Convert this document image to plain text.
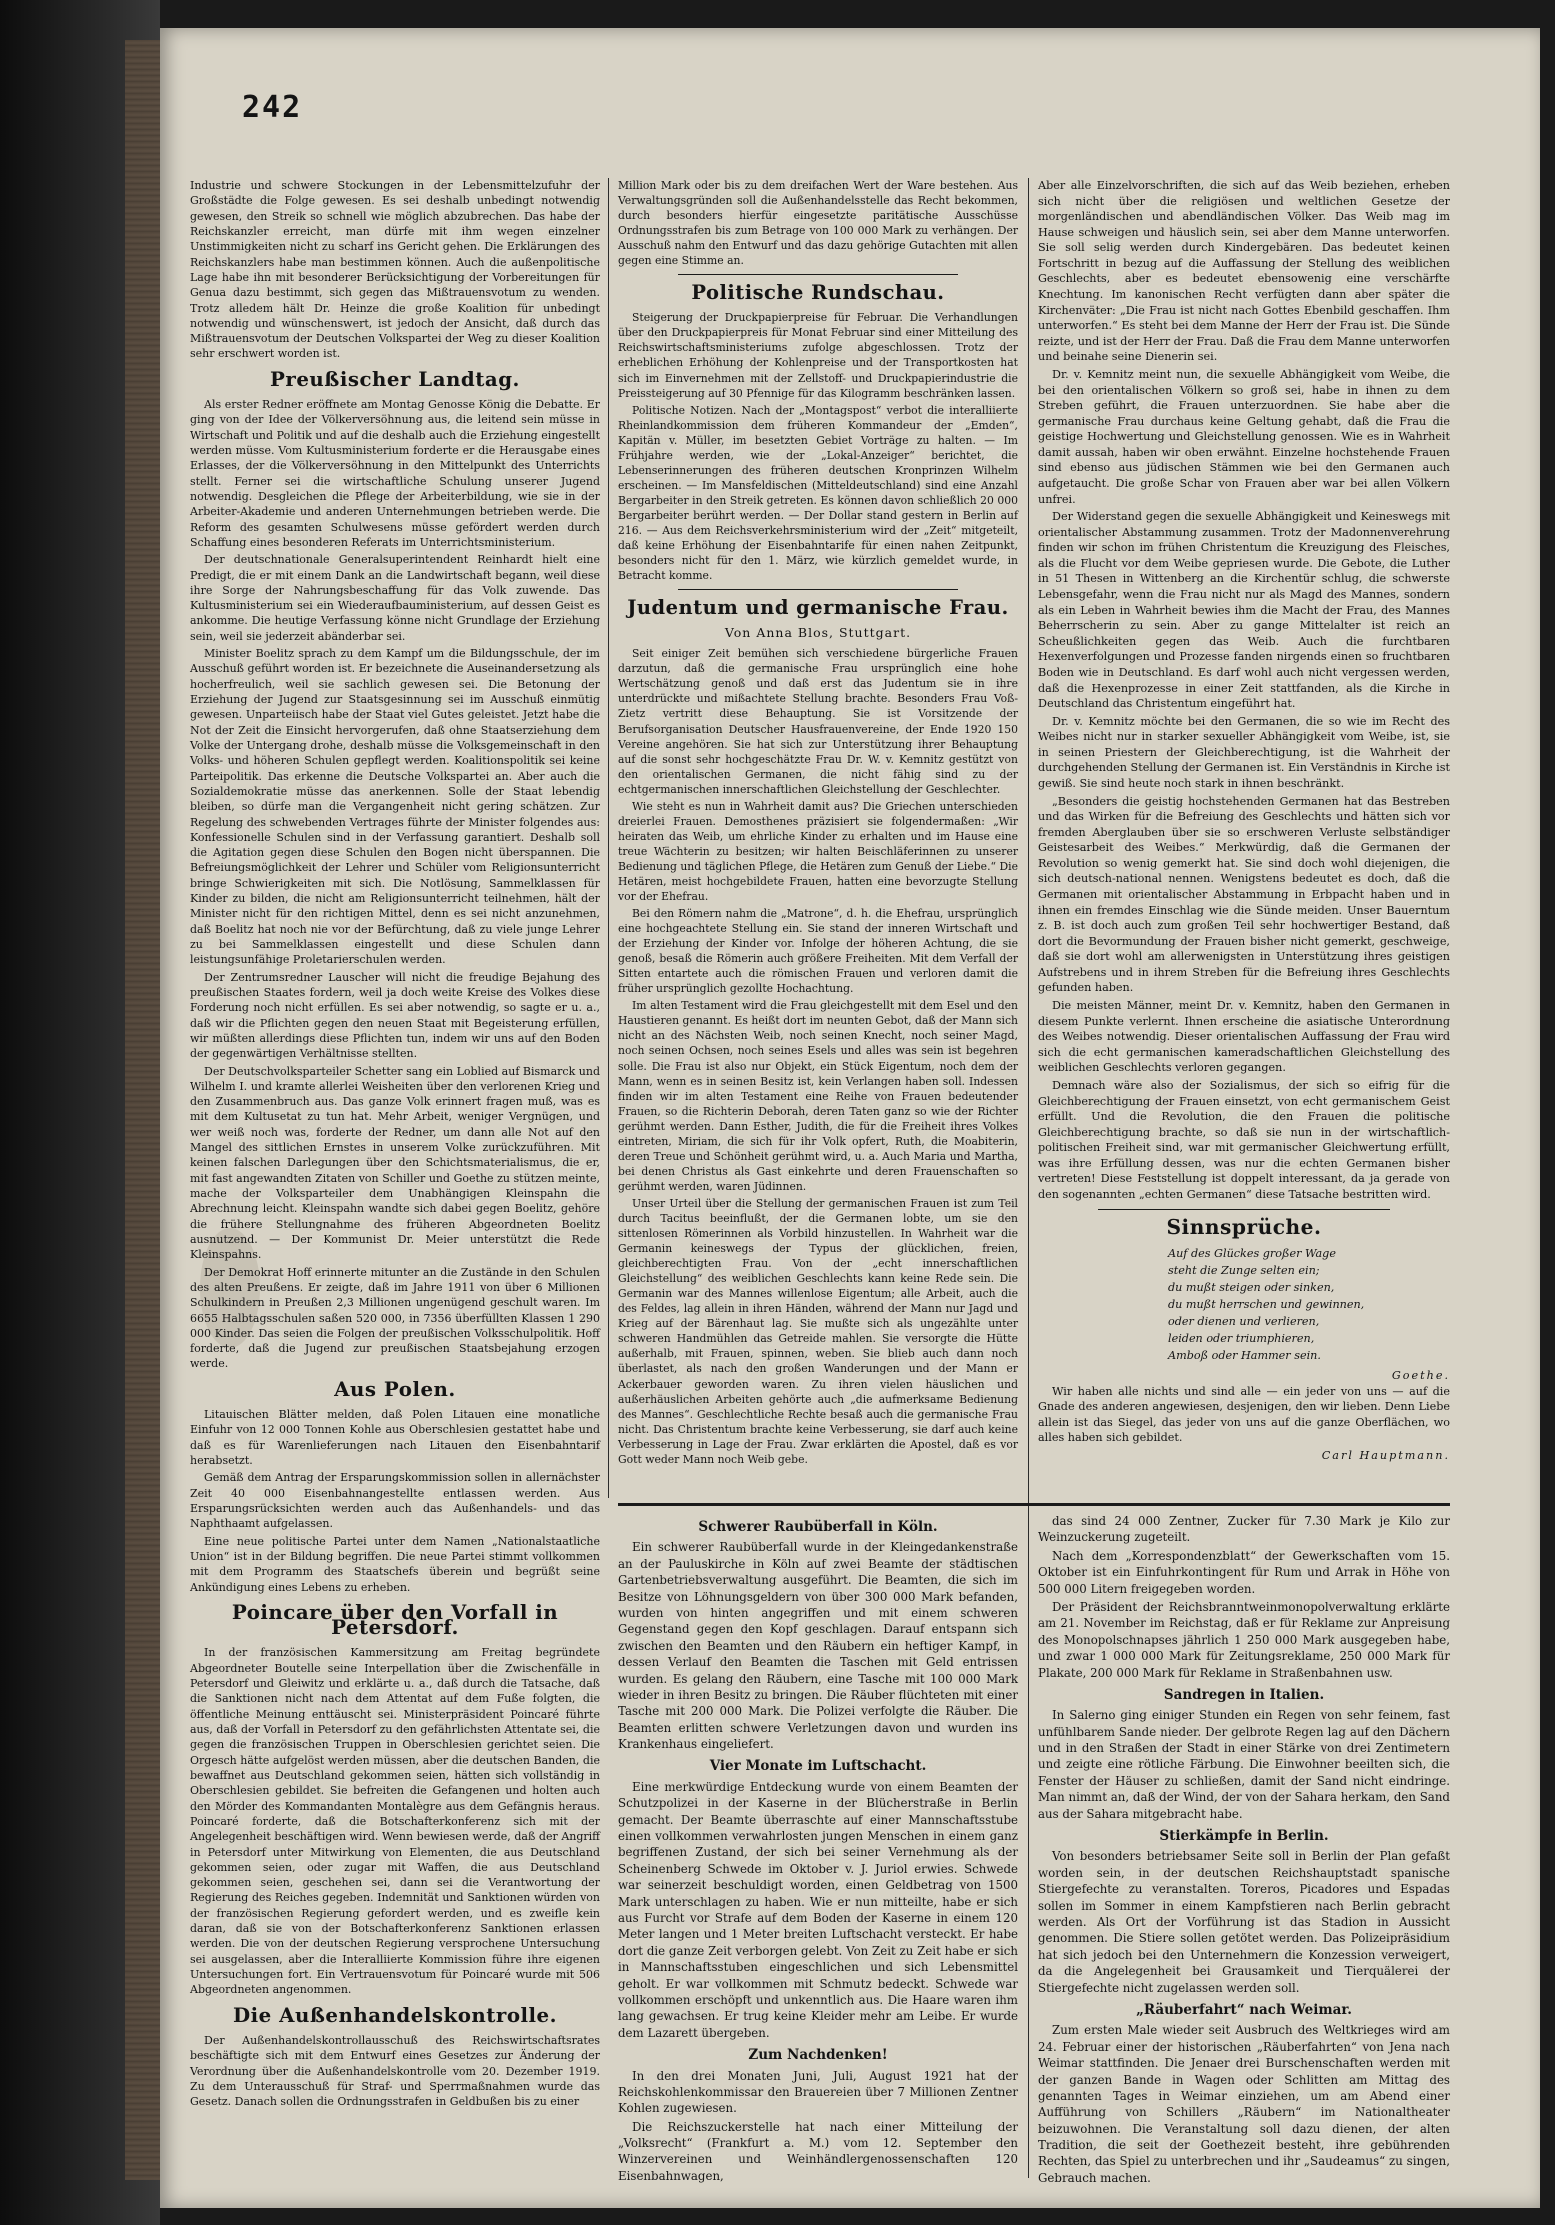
242

Industrie und schwere Stockungen in der Lebensmittelzufuhr der Großstädte die Folge gewesen. Es sei deshalb unbedingt notwendig gewesen, den Streik so schnell wie möglich abzubrechen. Das habe der Reichskanzler erreicht, man dürfe mit ihm wegen einzelner Unstimmigkeiten nicht zu scharf ins Gericht gehen. Die Erklärungen des Reichskanzlers habe man bestimmen können. Auch die außenpolitische Lage habe ihn mit besonderer Berücksichtigung der Vorbereitungen für Genua dazu bestimmt, sich gegen das Mißtrauensvotum zu wenden. Trotz alledem hält Dr. Heinze die große Koalition für unbedingt notwendig und wünschenswert, ist jedoch der Ansicht, daß durch das Mißtrauensvotum der Deutschen Volkspartei der Weg zu dieser Koalition sehr erschwert worden ist.

Preußischer Landtag.

Als erster Redner eröffnete am Montag Genosse König die Debatte. Er ging von der Idee der Völkerversöhnung aus, die leitend sein müsse in Wirtschaft und Politik und auf die deshalb auch die Erziehung eingestellt werden müsse. Vom Kultusministerium forderte er die Herausgabe eines Erlasses, der die Völkerversöhnung in den Mittelpunkt des Unterrichts stellt. Ferner sei die wirtschaftliche Schulung unserer Jugend notwendig. Desgleichen die Pflege der Arbeiterbildung, wie sie in der Arbeiter-Akademie und anderen Unternehmungen betrieben werde. Die Reform des gesamten Schulwesens müsse gefördert werden durch Schaffung eines besonderen Referats im Unterrichtsministerium.

Der deutschnationale Generalsuperintendent Reinhardt hielt eine Predigt, die er mit einem Dank an die Landwirtschaft begann, weil diese ihre Sorge der Nahrungsbeschaffung für das Volk zuwende. Das Kultusministerium sei ein Wiederaufbauministerium, auf dessen Geist es ankomme. Die heutige Verfassung könne nicht Grundlage der Erziehung sein, weil sie jederzeit abänderbar sei.

Minister Boelitz sprach zu dem Kampf um die Bildungsschule, der im Ausschuß geführt worden ist. Er bezeichnete die Auseinandersetzung als hocherfreulich, weil sie sachlich gewesen sei. Die Betonung der Erziehung der Jugend zur Staatsgesinnung sei im Ausschuß einmütig gewesen. Unparteiisch habe der Staat viel Gutes geleistet. Jetzt habe die Not der Zeit die Einsicht hervorgerufen, daß ohne Staatserziehung dem Volke der Untergang drohe, deshalb müsse die Volksgemeinschaft in den Volks- und höheren Schulen gepflegt werden. Koalitionspolitik sei keine Parteipolitik. Das erkenne die Deutsche Volkspartei an. Aber auch die Sozialdemokratie müsse das anerkennen. Solle der Staat lebendig bleiben, so dürfe man die Vergangenheit nicht gering schätzen. Zur Regelung des schwebenden Vertrages führte der Minister folgendes aus: Konfessionelle Schulen sind in der Verfassung garantiert. Deshalb soll die Agitation gegen diese Schulen den Bogen nicht überspannen. Die Befreiungsmöglichkeit der Lehrer und Schüler vom Religionsunterricht bringe Schwierigkeiten mit sich. Die Notlösung, Sammelklassen für Kinder zu bilden, die nicht am Religionsunterricht teilnehmen, hält der Minister nicht für den richtigen Mittel, denn es sei nicht anzunehmen, daß Boelitz hat noch nie vor der Befürchtung, daß zu viele junge Lehrer zu bei Sammelklassen eingestellt und diese Schulen dann leistungsunfähige Proletarierschulen werden.

Der Zentrumsredner Lauscher will nicht die freudige Bejahung des preußischen Staates fordern, weil ja doch weite Kreise des Volkes diese Forderung noch nicht erfüllen. Es sei aber notwendig, so sagte er u. a., daß wir die Pflichten gegen den neuen Staat mit Begeisterung erfüllen, wir müßten allerdings diese Pflichten tun, indem wir uns auf den Boden der gegenwärtigen Verhältnisse stellten.

Der Deutschvolksparteiler Schetter sang ein Loblied auf Bismarck und Wilhelm I. und kramte allerlei Weisheiten über den verlorenen Krieg und den Zusammenbruch aus. Das ganze Volk erinnert fragen muß, was es mit dem Kultusetat zu tun hat. Mehr Arbeit, weniger Vergnügen, und wer weiß noch was, forderte der Redner, um dann alle Not auf den Mangel des sittlichen Ernstes in unserem Volke zurückzuführen. Mit keinen falschen Darlegungen über den Schichtsmaterialismus, die er, mit fast angewandten Zitaten von Schiller und Goethe zu stützen meinte, mache der Volksparteiler dem Unabhängigen Kleinspahn die Abrechnung leicht. Kleinspahn wandte sich dabei gegen Boelitz, gehöre die frühere Stellungnahme des früheren Abgeordneten Boelitz ausnutzend. — Der Kommunist Dr. Meier unterstützt die Rede Kleinspahns.

Der Demokrat Hoff erinnerte mitunter an die Zustände in den Schulen des alten Preußens. Er zeigte, daß im Jahre 1911 von über 6 Millionen Schulkindern in Preußen 2,3 Millionen ungenügend geschult waren. Im 6655 Halbtagsschulen saßen 520 000, in 7356 überfüllten Klassen 1 290 000 Kinder. Das seien die Folgen der preußischen Volksschulpolitik. Hoff forderte, daß die Jugend zur preußischen Staatsbejahung erzogen werde.

Aus Polen.

Litauischen Blätter melden, daß Polen Litauen eine monatliche Einfuhr von 12 000 Tonnen Kohle aus Oberschlesien gestattet habe und daß es für Warenlieferungen nach Litauen den Eisenbahntarif herabsetzt.

Gemäß dem Antrag der Ersparungskommission sollen in allernächster Zeit 40 000 Eisenbahnangestellte entlassen werden. Aus Ersparungsrücksichten werden auch das Außenhandels- und das Naphthaamt aufgelassen.

Eine neue politische Partei unter dem Namen „Nationalstaatliche Union“ ist in der Bildung begriffen. Die neue Partei stimmt vollkommen mit dem Programm des Staatschefs überein und begrüßt seine Ankündigung eines Lebens zu erheben.

Poincare über den Vorfall in Petersdorf.

In der französischen Kammersitzung am Freitag begründete Abgeordneter Boutelle seine Interpellation über die Zwischenfälle in Petersdorf und Gleiwitz und erklärte u. a., daß durch die Tatsache, daß die Sanktionen nicht nach dem Attentat auf dem Fuße folgten, die öffentliche Meinung enttäuscht sei. Ministerpräsident Poincaré führte aus, daß der Vorfall in Petersdorf zu den gefährlichsten Attentate sei, die gegen die französischen Truppen in Oberschlesien gerichtet seien. Die Orgesch hätte aufgelöst werden müssen, aber die deutschen Banden, die bewaffnet aus Deutschland gekommen seien, hätten sich vollständig in Oberschlesien gebildet. Sie befreiten die Gefangenen und holten auch den Mörder des Kommandanten Montalègre aus dem Gefängnis heraus. Poincaré forderte, daß die Botschafterkonferenz sich mit der Angelegenheit beschäftigen wird. Wenn bewiesen werde, daß der Angriff in Petersdorf unter Mitwirkung von Elementen, die aus Deutschland gekommen seien, oder zugar mit Waffen, die aus Deutschland gekommen seien, geschehen sei, dann sei die Verantwortung der Regierung des Reiches gegeben. Indemnität und Sanktionen würden von der französischen Regierung gefordert werden, und es zweifle kein daran, daß sie von der Botschafterkonferenz Sanktionen erlassen werden. Die von der deutschen Regierung versprochene Untersuchung sei ausgelassen, aber die Interalliierte Kommission führe ihre eigenen Untersuchungen fort. Ein Vertrauensvotum für Poincaré wurde mit 506 Abgeordneten angenommen.

Die Außenhandelskontrolle.

Der Außenhandelskontrollausschuß des Reichswirtschaftsrates beschäftigte sich mit dem Entwurf eines Gesetzes zur Änderung der Verordnung über die Außenhandelskontrolle vom 20. Dezember 1919. Zu dem Unterausschuß für Straf- und Sperrmaßnahmen wurde das Gesetz. Danach sollen die Ordnungsstrafen in Geldbußen bis zu einer

Million Mark oder bis zu dem dreifachen Wert der Ware bestehen. Aus Verwaltungsgründen soll die Außenhandelsstelle das Recht bekommen, durch besonders hierfür eingesetzte paritätische Ausschüsse Ordnungsstrafen bis zum Betrage von 100 000 Mark zu verhängen. Der Ausschuß nahm den Entwurf und das dazu gehörige Gutachten mit allen gegen eine Stimme an.

Politische Rundschau.

Steigerung der Druckpapierpreise für Februar. Die Verhandlungen über den Druckpapierpreis für Monat Februar sind einer Mitteilung des Reichswirtschaftsministeriums zufolge abgeschlossen. Trotz der erheblichen Erhöhung der Kohlenpreise und der Transportkosten hat sich im Einvernehmen mit der Zellstoff- und Druckpapierindustrie die Preissteigerung auf 30 Pfennige für das Kilogramm beschränken lassen.

Politische Notizen. Nach der „Montagspost“ verbot die interalliierte Rheinlandkommission dem früheren Kommandeur der „Emden“, Kapitän v. Müller, im besetzten Gebiet Vorträge zu halten. — Im Frühjahre werden, wie der „Lokal-Anzeiger“ berichtet, die Lebenserinnerungen des früheren deutschen Kronprinzen Wilhelm erscheinen. — Im Mansfeldischen (Mitteldeutschland) sind eine Anzahl Bergarbeiter in den Streik getreten. Es können davon schließlich 20 000 Bergarbeiter berührt werden. — Der Dollar stand gestern in Berlin auf 216. — Aus dem Reichsverkehrsministerium wird der „Zeit“ mitgeteilt, daß keine Erhöhung der Eisenbahntarife für einen nahen Zeitpunkt, besonders nicht für den 1. März, wie kürzlich gemeldet wurde, in Betracht komme.

Judentum und germanische Frau.
Von Anna Blos, Stuttgart.

Seit einiger Zeit bemühen sich verschiedene bürgerliche Frauen darzutun, daß die germanische Frau ursprünglich eine hohe Wertschätzung genoß und daß erst das Judentum sie in ihre unterdrückte und mißachtete Stellung brachte. Besonders Frau Voß-Zietz vertritt diese Behauptung. Sie ist Vorsitzende der Berufsorganisation Deutscher Hausfrauenvereine, der Ende 1920 150 Vereine angehören. Sie hat sich zur Unterstützung ihrer Behauptung auf die sonst sehr hochgeschätzte Frau Dr. W. v. Kemnitz gestützt von den orientalischen Germanen, die nicht fähig sind zu der echtgermanischen innerschaftlichen Gleichstellung der Geschlechter.

Wie steht es nun in Wahrheit damit aus? Die Griechen unterschieden dreierlei Frauen. Demosthenes präzisiert sie folgendermaßen: „Wir heiraten das Weib, um ehrliche Kinder zu erhalten und im Hause eine treue Wächterin zu besitzen; wir halten Beischläferinnen zu unserer Bedienung und täglichen Pflege, die Hetären zum Genuß der Liebe.“ Die Hetären, meist hochgebildete Frauen, hatten eine bevorzugte Stellung vor der Ehefrau.

Bei den Römern nahm die „Matrone“, d. h. die Ehefrau, ursprünglich eine hochgeachtete Stellung ein. Sie stand der inneren Wirtschaft und der Erziehung der Kinder vor. Infolge der höheren Achtung, die sie genoß, besaß die Römerin auch größere Freiheiten. Mit dem Verfall der Sitten entartete auch die römischen Frauen und verloren damit die früher ursprünglich gezollte Hochachtung.

Im alten Testament wird die Frau gleichgestellt mit dem Esel und den Haustieren genannt. Es heißt dort im neunten Gebot, daß der Mann sich nicht an des Nächsten Weib, noch seinen Knecht, noch seiner Magd, noch seinen Ochsen, noch seines Esels und alles was sein ist begehren solle. Die Frau ist also nur Objekt, ein Stück Eigentum, noch dem der Mann, wenn es in seinen Besitz ist, kein Verlangen haben soll. Indessen finden wir im alten Testament eine Reihe von Frauen bedeutender Frauen, so die Richterin Deborah, deren Taten ganz so wie der Richter gerühmt werden. Dann Esther, Judith, die für die Freiheit ihres Volkes eintreten, Miriam, die sich für ihr Volk opfert, Ruth, die Moabiterin, deren Treue und Schönheit gerühmt wird, u. a. Auch Maria und Martha, bei denen Christus als Gast einkehrte und deren Frauenschaften so gerühmt werden, waren Jüdinnen.

Unser Urteil über die Stellung der germanischen Frauen ist zum Teil durch Tacitus beeinflußt, der die Germanen lobte, um sie den sittenlosen Römerinnen als Vorbild hinzustellen. In Wahrheit war die Germanin keineswegs der Typus der glücklichen, freien, gleichberechtigten Frau. Von der „echt innerschaftlichen Gleichstellung“ des weiblichen Geschlechts kann keine Rede sein. Die Germanin war des Mannes willenlose Eigentum; alle Arbeit, auch die des Feldes, lag allein in ihren Händen, während der Mann nur Jagd und Krieg auf der Bärenhaut lag. Sie mußte sich als ungezählte unter schweren Handmühlen das Getreide mahlen. Sie versorgte die Hütte außerhalb, mit Frauen, spinnen, weben. Sie blieb auch dann noch überlastet, als nach den großen Wanderungen und der Mann er Ackerbauer geworden waren. Zu ihren vielen häuslichen und außerhäuslichen Arbeiten gehörte auch „die aufmerksame Bedienung des Mannes“. Geschlechtliche Rechte besaß auch die germanische Frau nicht. Das Christentum brachte keine Verbesserung, sie darf auch keine Verbesserung in Lage der Frau. Zwar erklärten die Apostel, daß es vor Gott weder Mann noch Weib gebe.

Aber alle Einzelvorschriften, die sich auf das Weib beziehen, erheben sich nicht über die religiösen und weltlichen Gesetze der morgenländischen und abendländischen Völker. Das Weib mag im Hause schweigen und häuslich sein, sei aber dem Manne unterworfen. Sie soll selig werden durch Kindergebären. Das bedeutet keinen Fortschritt in bezug auf die Auffassung der Stellung des weiblichen Geschlechts, aber es bedeutet ebensowenig eine verschärfte Knechtung. Im kanonischen Recht verfügten dann aber später die Kirchenväter: „Die Frau ist nicht nach Gottes Ebenbild geschaffen. Ihm unterworfen.“ Es steht bei dem Manne der Herr der Frau ist. Die Sünde reizte, und ist der Herr der Frau. Daß die Frau dem Manne unterworfen und beinahe seine Dienerin sei.

Dr. v. Kemnitz meint nun, die sexuelle Abhängigkeit vom Weibe, die bei den orientalischen Völkern so groß sei, habe in ihnen zu dem Streben geführt, die Frauen unterzuordnen. Sie habe aber die germanische Frau durchaus keine Geltung gehabt, daß die Frau die geistige Hochwertung und Gleichstellung genossen. Wie es in Wahrheit damit aussah, haben wir oben erwähnt. Einzelne hochstehende Frauen sind ebenso aus jüdischen Stämmen wie bei den Germanen auch aufgetaucht. Die große Schar von Frauen aber war bei allen Völkern unfrei.

Der Widerstand gegen die sexuelle Abhängigkeit und Keineswegs mit orientalischer Abstammung zusammen. Trotz der Madonnenverehrung finden wir schon im frühen Christentum die Kreuzigung des Fleisches, als die Flucht vor dem Weibe gepriesen wurde. Die Gebote, die Luther in 51 Thesen in Wittenberg an die Kirchentür schlug, die schwerste Lebensgefahr, wenn die Frau nicht nur als Magd des Mannes, sondern als ein Leben in Wahrheit bewies ihm die Macht der Frau, des Mannes Beherrscherin zu sein. Aber zu gange Mittelalter ist reich an Scheußlichkeiten gegen das Weib. Auch die furchtbaren Hexenverfolgungen und Prozesse fanden nirgends einen so fruchtbaren Boden wie in Deutschland. Es darf wohl auch nicht vergessen werden, daß die Hexenprozesse in einer Zeit stattfanden, als die Kirche in Deutschland das Christentum eingeführt hat.

Dr. v. Kemnitz möchte bei den Germanen, die so wie im Recht des Weibes nicht nur in starker sexueller Abhängigkeit vom Weibe, ist, sie in seinen Priestern der Gleichberechtigung, ist die Wahrheit der durchgehenden Stellung der Germanen ist. Ein Verständnis in Kirche ist gewiß. Sie sind heute noch stark in ihnen beschränkt.

„Besonders die geistig hochstehenden Germanen hat das Bestreben und das Wirken für die Befreiung des Geschlechts und hätten sich vor fremden Aberglauben über sie so erschweren Verluste selbständiger Geistesarbeit des Weibes.“ Merkwürdig, daß die Germanen der Revolution so wenig gemerkt hat. Sie sind doch wohl diejenigen, die sich deutsch-national nennen. Wenigstens bedeutet es doch, daß die Germanen mit orientalischer Abstammung in Erbpacht haben und in ihnen ein fremdes Einschlag wie die Sünde meiden. Unser Bauerntum z. B. ist doch auch zum großen Teil sehr hochwertiger Bestand, daß dort die Bevormundung der Frauen bisher nicht gemerkt, geschweige, daß sie dort wohl am allerwenigsten in Unterstützung ihres geistigen Aufstrebens und in ihrem Streben für die Befreiung ihres Geschlechts gefunden haben.

Die meisten Männer, meint Dr. v. Kemnitz, haben den Germanen in diesem Punkte verlernt. Ihnen erscheine die asiatische Unterordnung des Weibes notwendig. Dieser orientalischen Auffassung der Frau wird sich die echt germanischen kameradschaftlichen Gleichstellung des weiblichen Geschlechts verloren gegangen.

Demnach wäre also der Sozialismus, der sich so eifrig für die Gleichberechtigung der Frauen einsetzt, von echt germanischem Geist erfüllt. Und die Revolution, die den Frauen die politische Gleichberechtigung brachte, so daß sie nun in der wirtschaftlich-politischen Freiheit sind, war mit germanischer Gleichwertung erfüllt, was ihre Erfüllung dessen, was nur die echten Germanen bisher vertreten! Diese Feststellung ist doppelt interessant, da ja gerade von den sogenannten „echten Germanen“ diese Tatsache bestritten wird.

Sinnsprüche.
Auf des Glückes großer Wage
steht die Zunge selten ein;
du mußt steigen oder sinken,
du mußt herrschen und gewinnen,
oder dienen und verlieren,
leiden oder triumphieren,
Amboß oder Hammer sein.
Goethe.

Wir haben alle nichts und sind alle — ein jeder von uns — auf die Gnade des anderen angewiesen, desjenigen, den wir lieben. Denn Liebe allein ist das Siegel, das jeder von uns auf die ganze Oberflächen, wo alles haben sich gebildet.

Carl Hauptmann.
Schwerer Raubüberfall in Köln.

Ein schwerer Raubüberfall wurde in der Kleingedankenstraße an der Pauluskirche in Köln auf zwei Beamte der städtischen Gartenbetriebsverwaltung ausgeführt. Die Beamten, die sich im Besitze von Löhnungsgeldern von über 300 000 Mark befanden, wurden von hinten angegriffen und mit einem schweren Gegenstand gegen den Kopf geschlagen. Darauf entspann sich zwischen den Beamten und den Räubern ein heftiger Kampf, in dessen Verlauf den Beamten die Taschen mit Geld entrissen wurden. Es gelang den Räubern, eine Tasche mit 100 000 Mark wieder in ihren Besitz zu bringen. Die Räuber flüchteten mit einer Tasche mit 200 000 Mark. Die Polizei verfolgte die Räuber. Die Beamten erlitten schwere Verletzungen davon und wurden ins Krankenhaus eingeliefert.

Vier Monate im Luftschacht.

Eine merkwürdige Entdeckung wurde von einem Beamten der Schutzpolizei in der Kaserne in der Blücherstraße in Berlin gemacht. Der Beamte überraschte auf einer Mannschaftsstube einen vollkommen verwahrlosten jungen Menschen in einem ganz begriffenen Zustand, der sich bei seiner Vernehmung als der Scheinenberg Schwede im Oktober v. J. Juriol erwies. Schwede war seinerzeit beschuldigt worden, einen Geldbetrag von 1500 Mark unterschlagen zu haben. Wie er nun mitteilte, habe er sich aus Furcht vor Strafe auf dem Boden der Kaserne in einem 120 Meter langen und 1 Meter breiten Luftschacht versteckt. Er habe dort die ganze Zeit verborgen gelebt. Von Zeit zu Zeit habe er sich in Mannschaftsstuben eingeschlichen und sich Lebensmittel geholt. Er war vollkommen mit Schmutz bedeckt. Schwede war vollkommen erschöpft und unkenntlich aus. Die Haare waren ihm lang gewachsen. Er trug keine Kleider mehr am Leibe. Er wurde dem Lazarett übergeben.

Zum Nachdenken!

In den drei Monaten Juni, Juli, August 1921 hat der Reichskohlenkommissar den Brauereien über 7 Millionen Zentner Kohlen zugewiesen.

Die Reichszuckerstelle hat nach einer Mitteilung der „Volksrecht“ (Frankfurt a. M.) vom 12. September den Winzervereinen und Weinhändlergenossenschaften 120 Eisenbahnwagen,

das sind 24 000 Zentner, Zucker für 7.30 Mark je Kilo zur Weinzuckerung zugeteilt.

Nach dem „Korrespondenzblatt“ der Gewerkschaften vom 15. Oktober ist ein Einfuhrkontingent für Rum und Arrak in Höhe von 500 000 Litern freigegeben worden.

Der Präsident der Reichsbranntweinmonopolverwaltung erklärte am 21. November im Reichstag, daß er für Reklame zur Anpreisung des Monopolschnapses jährlich 1 250 000 Mark ausgegeben habe, und zwar 1 000 000 Mark für Zeitungsreklame, 250 000 Mark für Plakate, 200 000 Mark für Reklame in Straßenbahnen usw.

Sandregen in Italien.

In Salerno ging einiger Stunden ein Regen von sehr feinem, fast unfühlbarem Sande nieder. Der gelbrote Regen lag auf den Dächern und in den Straßen der Stadt in einer Stärke von drei Zentimetern und zeigte eine rötliche Färbung. Die Einwohner beeilten sich, die Fenster der Häuser zu schließen, damit der Sand nicht eindringe. Man nimmt an, daß der Wind, der von der Sahara herkam, den Sand aus der Sahara mitgebracht habe.

Stierkämpfe in Berlin.

Von besonders betriebsamer Seite soll in Berlin der Plan gefaßt worden sein, in der deutschen Reichshauptstadt spanische Stiergefechte zu veranstalten. Toreros, Picadores und Espadas sollen im Sommer in einem Kampfstieren nach Berlin gebracht werden. Als Ort der Vorführung ist das Stadion in Aussicht genommen. Die Stiere sollen getötet werden. Das Polizeipräsidium hat sich jedoch bei den Unternehmern die Konzession verweigert, da die Angelegenheit bei Grausamkeit und Tierquälerei der Stiergefechte nicht zugelassen werden soll.

„Räuberfahrt“ nach Weimar.

Zum ersten Male wieder seit Ausbruch des Weltkrieges wird am 24. Februar einer der historischen „Räuberfahrten“ von Jena nach Weimar stattfinden. Die Jenaer drei Burschenschaften werden mit der ganzen Bande in Wagen oder Schlitten am Mittag des genannten Tages in Weimar einziehen, um am Abend einer Aufführung von Schillers „Räubern“ im Nationaltheater beizuwohnen. Die Veranstaltung soll dazu dienen, der alten Tradition, die seit der Goethezeit besteht, ihre gebührenden Rechten, das Spiel zu unterbrechen und ihr „Saudeamus“ zu singen, Gebrauch machen.
